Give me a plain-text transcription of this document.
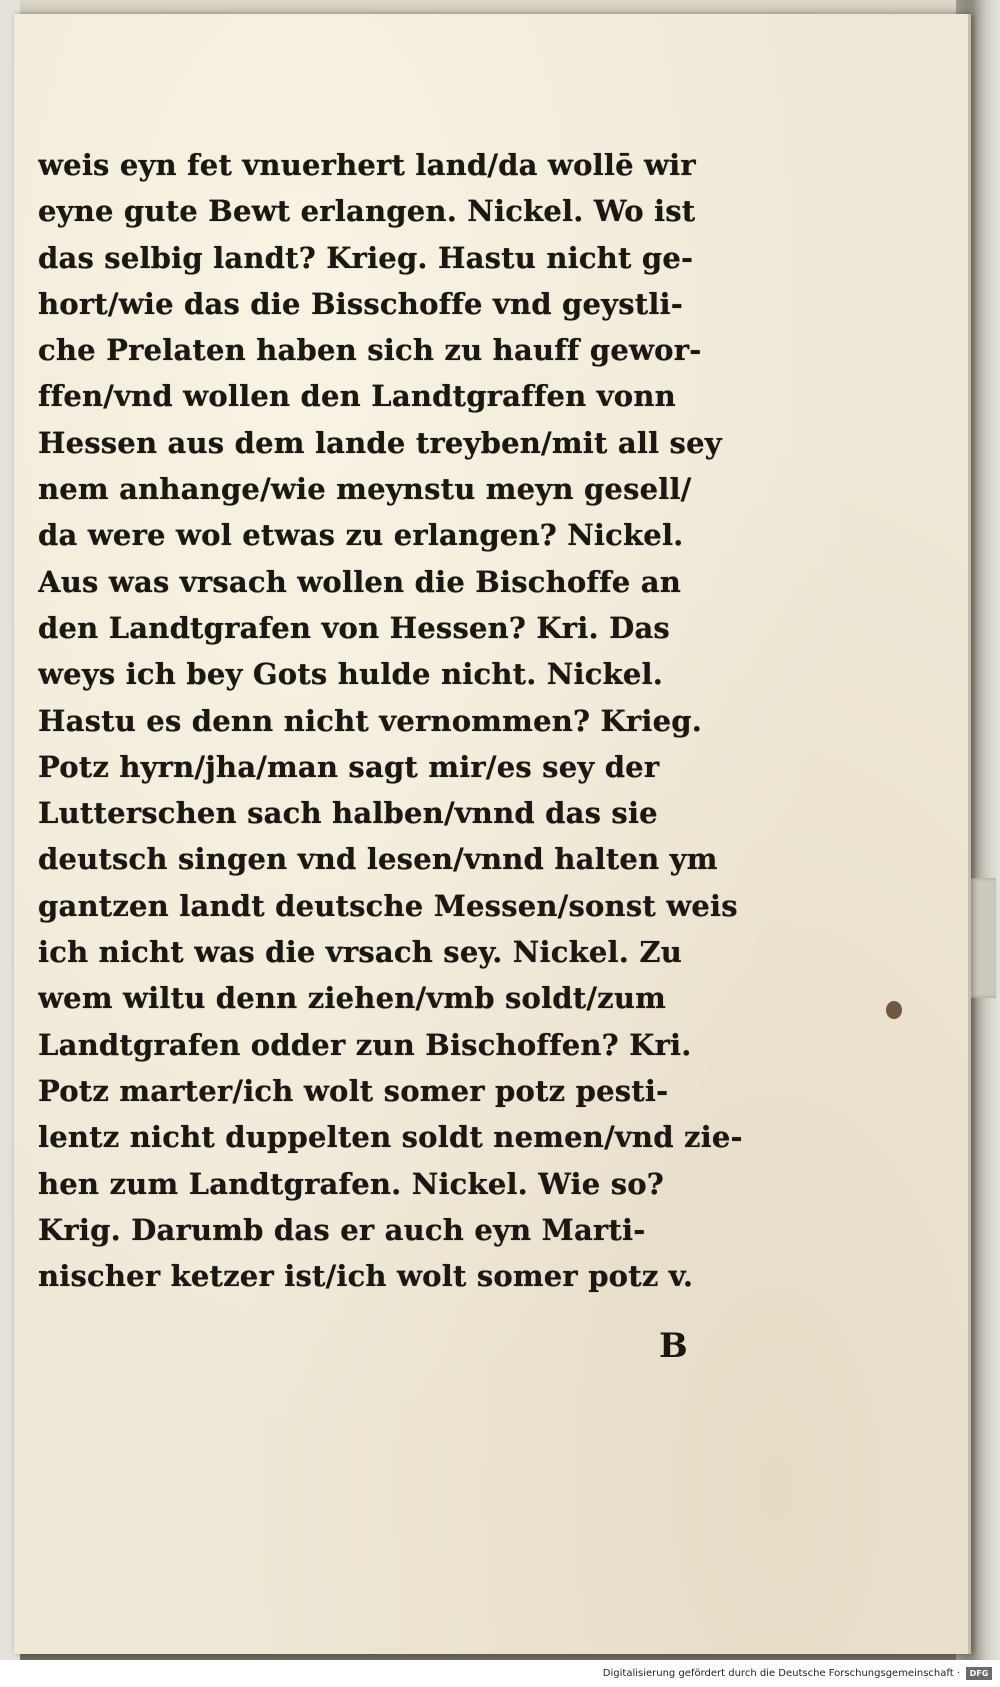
weis eyn fet vnuerhert land/da wollē wir
eyne gute Bewt erlangen. Nickel. Wo ist
das selbig landt? Krieg. Hastu nicht ge-
hort/wie das die Bisschoffe vnd geystli-
che Prelaten haben sich zu hauff gewor-
ffen/vnd wollen den Landtgraffen vonn
Hessen aus dem lande treyben/mit all sey
nem anhange/wie meynstu meyn gesell/
da were wol etwas zu erlangen? Nickel.
Aus was vrsach wollen die Bischoffe an
den Landtgrafen von Hessen? Kri. Das
weys ich bey Gots hulde nicht. Nickel.
Hastu es denn nicht vernommen? Krieg.
Potz hyrn/jha/man sagt mir/es sey der
Lutterschen sach halben/vnnd das sie
deutsch singen vnd lesen/vnnd halten ym
gantzen landt deutsche Messen/sonst weis
ich nicht was die vrsach sey. Nickel. Zu
wem wiltu denn ziehen/vmb soldt/zum
Landtgrafen odder zun Bischoffen? Kri.
Potz marter/ich wolt somer potz pesti-
lentz nicht duppelten soldt nemen/vnd zie-
hen zum Landtgrafen. Nickel. Wie so?
Krig. Darumb das er auch eyn Marti-
nischer ketzer ist/ich wolt somer potz v.
B
Digitalisierung gefördert durch die Deutsche Forschungsgemeinschaft ·	DFG
